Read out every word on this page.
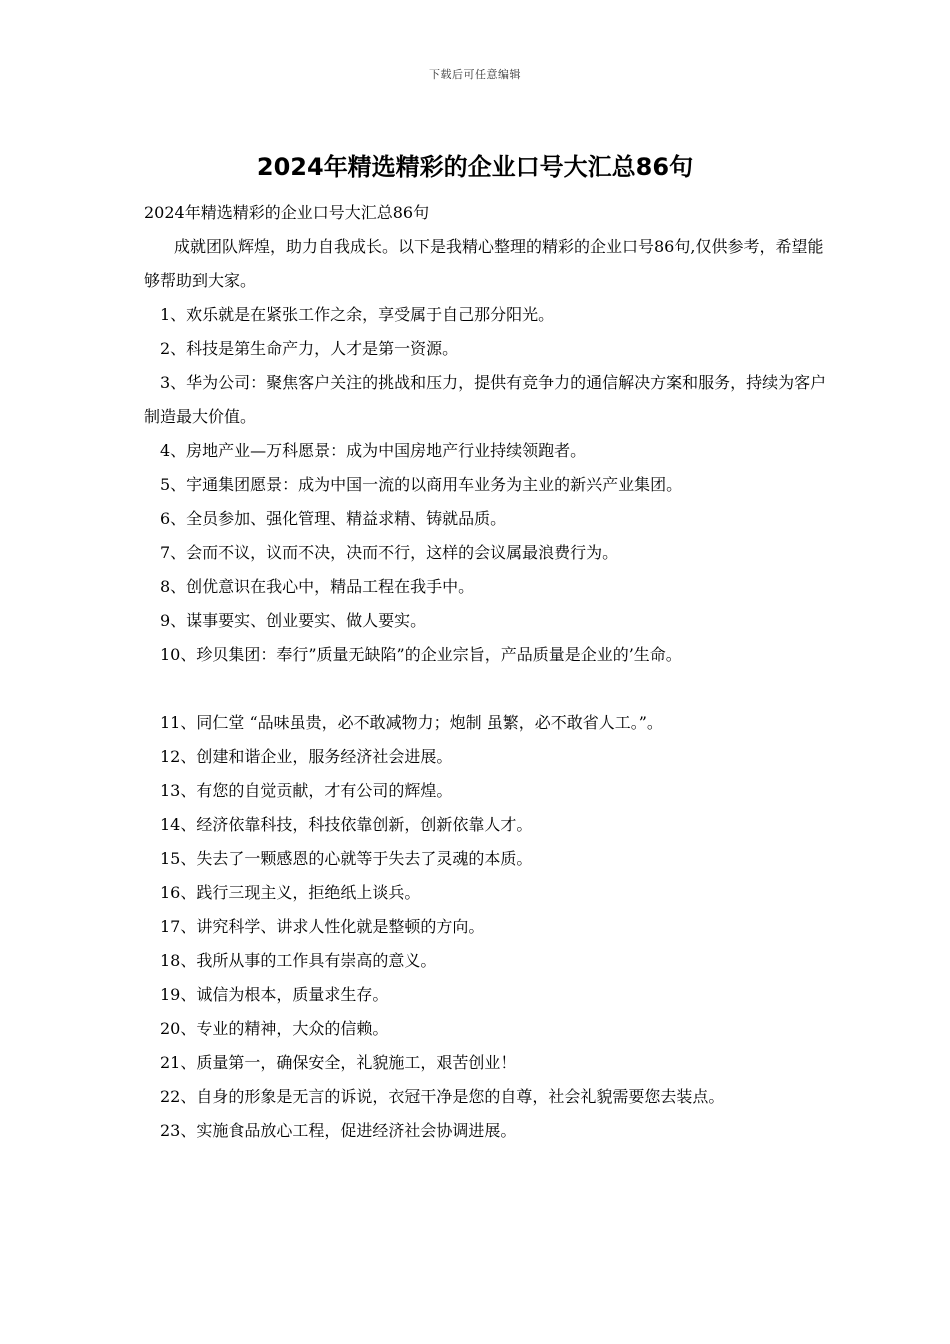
下载后可任意编辑
2024年精选精彩的企业口号大汇总86句

2024年精选精彩的企业口号大汇总86句

成就团队辉煌，助力自我成长。以下是我精心整理的精彩的企业口号86句,仅供参考，希望能够帮助到大家。

1、欢乐就是在紧张工作之余，享受属于自己那分阳光。

2、科技是第生命产力，人才是第一资源。

3、华为公司：聚焦客户关注的挑战和压力，提供有竞争力的通信解决方案和服务，持续为客户制造最大价值。

4、房地产业—万科愿景：成为中国房地产行业持续领跑者。

5、宇通集团愿景：成为中国一流的以商用车业务为主业的新兴产业集团。

6、全员参加、强化管理、精益求精、铸就品质。

7、会而不议，议而不决，决而不行，这样的会议属最浪费行为。

8、创优意识在我心中，精品工程在我手中。

9、谋事要实、创业要实、做人要实。

10、珍贝集团：奉行”质量无缺陷”的企业宗旨，产品质量是企业的’生命。

11、同仁堂 “品味虽贵，必不敢减物力；炮制 虽繁，必不敢省人工。”。

12、创建和谐企业，服务经济社会进展。

13、有您的自觉贡献，才有公司的辉煌。

14、经济依靠科技，科技依靠创新，创新依靠人才。

15、失去了一颗感恩的心就等于失去了灵魂的本质。

16、践行三现主义，拒绝纸上谈兵。

17、讲究科学、讲求人性化就是整顿的方向。

18、我所从事的工作具有崇高的意义。

19、诚信为根本，质量求生存。

20、专业的精神，大众的信赖。

21、质量第一，确保安全，礼貌施工，艰苦创业！

22、自身的形象是无言的诉说，衣冠干净是您的自尊，社会礼貌需要您去装点。

23、实施食品放心工程，促进经济社会协调进展。
